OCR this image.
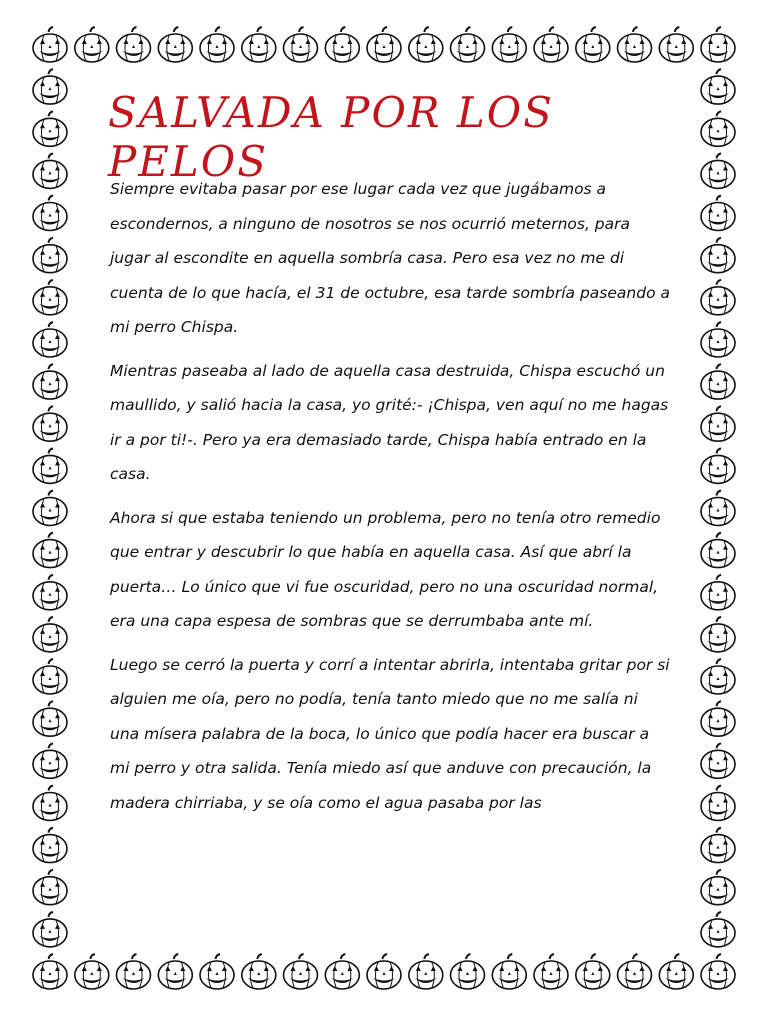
SALVADA POR LOS PELOS

Siempre evitaba pasar por ese lugar cada vez que jugábamos a escondernos, a ninguno de nosotros se nos ocurrió meternos, para jugar al escondite en aquella sombría casa. Pero esa vez no me di cuenta de lo que hacía, el 31 de octubre, esa tarde sombría paseando a mi perro Chispa.

Mientras paseaba al lado de aquella casa destruida, Chispa escuchó un maullido, y salió hacia la casa, yo grité:- ¡Chispa, ven aquí no me hagas ir a por ti!-. Pero ya era demasiado tarde, Chispa había entrado en la casa.

Ahora si que estaba teniendo un problema, pero no tenía otro remedio que entrar y descubrir lo que había en aquella casa. Así que abrí la puerta… Lo único que vi fue oscuridad, pero no una oscuridad normal, era una capa espesa de sombras que se derrumbaba ante mí.

Luego se cerró la puerta y corrí a intentar abrirla, intentaba gritar por si alguien me oía, pero no podía, tenía tanto miedo que no me salía ni una mísera palabra de la boca, lo único que podía hacer era buscar a mi perro y otra salida. Tenía miedo así que anduve con precaución, la madera chirriaba, y se oía como el agua pasaba por las
